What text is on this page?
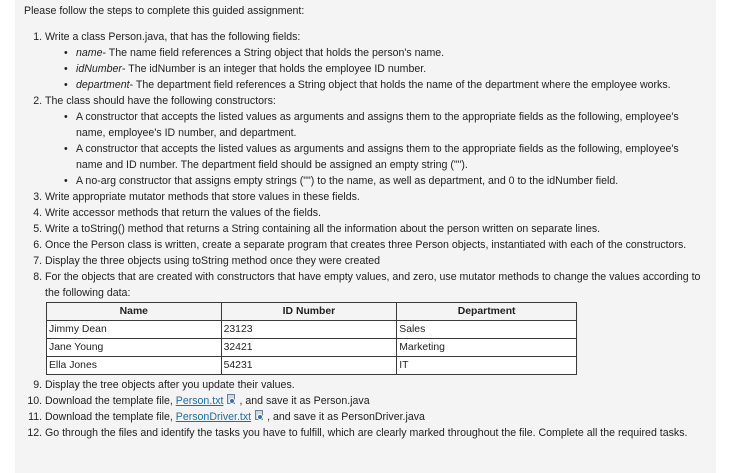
Please follow the steps to complete this guided assignment:
1. Write a class Person.java, that has the following fields:
• name- The name field references a String object that holds the person's name.
• idNumber- The idNumber is an integer that holds the employee ID number.
• department- The department field references a String object that holds the name of the department where the employee works.
2. The class should have the following constructors:
• A constructor that accepts the listed values as arguments and assigns them to the appropriate fields as the following, employee's name, employee's ID number, and department.
• A constructor that accepts the listed values as arguments and assigns them to the appropriate fields as the following, employee's name and ID number. The department field should be assigned an empty string ("").
• A no-arg constructor that assigns empty strings ("") to the name, as well as department, and 0 to the idNumber field.
3. Write appropriate mutator methods that store values in these fields.
4. Write accessor methods that return the values of the fields.
5. Write a toString() method that returns a String containing all the information about the person written on separate lines.
6. Once the Person class is written, create a separate program that creates three Person objects, instantiated with each of the constructors.
7. Display the three objects using toString method once they were created
8. For the objects that are created with constructors that have empty values, and zero, use mutator methods to change the values according to the following data:
Name	ID Number	Department
Jimmy Dean	23123	Sales
Jane Young	32421	Marketing
Ella Jones	54231	IT
9. Display the tree objects after you update their values.
10. Download the template file, Person.txt , and save it as Person.java
11. Download the template file, PersonDriver.txt , and save it as PersonDriver.java
12. Go through the files and identify the tasks you have to fulfill, which are clearly marked throughout the file. Complete all the required tasks.
